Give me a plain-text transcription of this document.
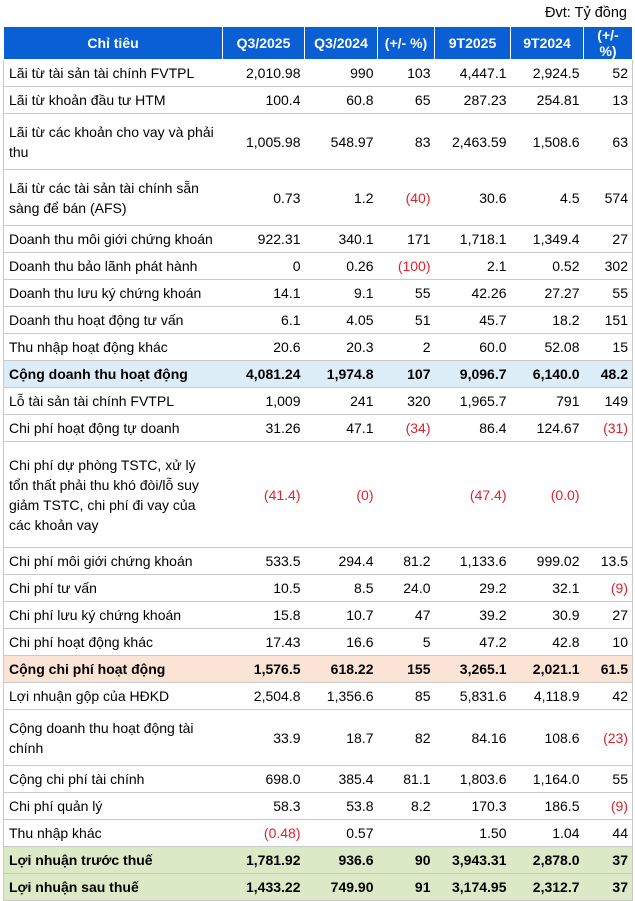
Đvt: Tỷ đồng
Chỉ tiêu	Q3/2025	Q3/2024	(+/- %)	9T2025	9T2024	(+/- %)
Lãi từ tài sản tài chính FVTPL	2,010.98	990	103	4,447.1	2,924.5	52
Lãi từ khoản đầu tư HTM	100.4	60.8	65	287.23	254.81	13
Lãi từ các khoản cho vay và phải thu	1,005.98	548.97	83	2,463.59	1,508.6	63
Lãi từ các tài sản tài chính sẵn sàng để bán (AFS)	0.73	1.2	(40)	30.6	4.5	574
Doanh thu môi giới chứng khoán	922.31	340.1	171	1,718.1	1,349.4	27
Doanh thu bảo lãnh phát hành	0	0.26	(100)	2.1	0.52	302
Doanh thu lưu ký chứng khoán	14.1	9.1	55	42.26	27.27	55
Doanh thu hoạt động tư vấn	6.1	4.05	51	45.7	18.2	151
Thu nhập hoạt động khác	20.6	20.3	2	60.0	52.08	15
Cộng doanh thu hoạt động	4,081.24	1,974.8	107	9,096.7	6,140.0	48.2
Lỗ tài sản tài chính FVTPL	1,009	241	320	1,965.7	791	149
Chi phí hoạt động tự doanh	31.26	47.1	(34)	86.4	124.67	(31)
Chi phí dự phòng TSTC, xử lý tổn thất phải thu khó đòi/lỗ suy giảm TSTC, chi phí đi vay của các khoản vay	(41.4)	(0)		(47.4)	(0.0)	
Chi phí môi giới chứng khoán	533.5	294.4	81.2	1,133.6	999.02	13.5
Chi phí tư vấn	10.5	8.5	24.0	29.2	32.1	(9)
Chi phí lưu ký chứng khoán	15.8	10.7	47	39.2	30.9	27
Chi phí hoạt động khác	17.43	16.6	5	47.2	42.8	10
Cộng chi phí hoạt động	1,576.5	618.22	155	3,265.1	2,021.1	61.5
Lợi nhuận gộp của HĐKD	2,504.8	1,356.6	85	5,831.6	4,118.9	42
Cộng doanh thu hoạt động tài chính	33.9	18.7	82	84.16	108.6	(23)
Cộng chi phí tài chính	698.0	385.4	81.1	1,803.6	1,164.0	55
Chi phí quản lý	58.3	53.8	8.2	170.3	186.5	(9)
Thu nhập khác	(0.48)	0.57		1.50	1.04	44
Lợi nhuận trước thuế	1,781.92	936.6	90	3,943.31	2,878.0	37
Lợi nhuận sau thuế	1,433.22	749.90	91	3,174.95	2,312.7	37
